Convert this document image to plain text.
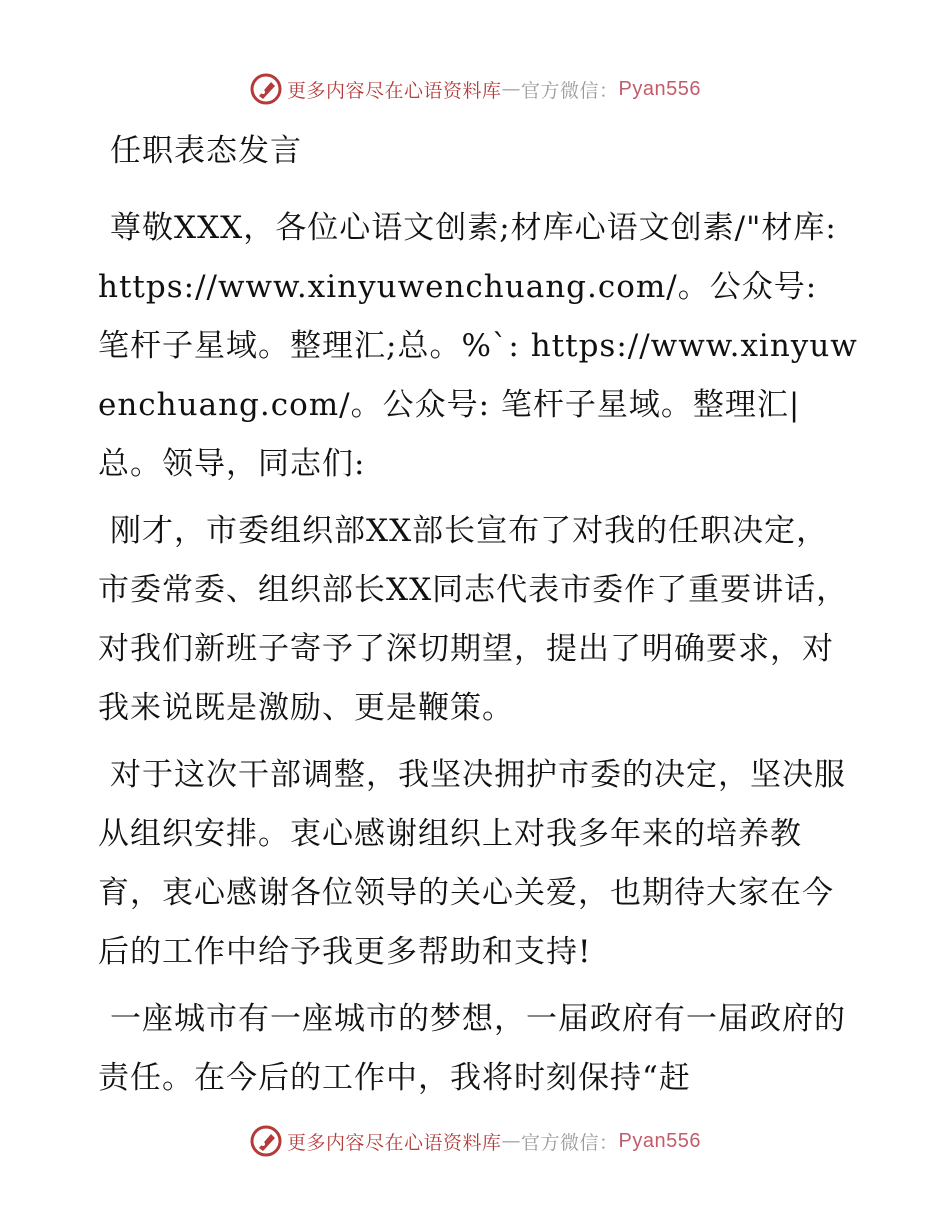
更多内容尽在心语资料库 — 官方微信： Pyan556

任职表态发言

尊敬XXX，各位心语文创素;材库心语文创素/"材库: https://www.xinyuwenchuang.com/。公众号: 笔杆子星域。整理汇;总。%`: https://www.xinyuwenchuang.com/。公众号: 笔杆子星域。整理汇|总。领导，同志们:

刚才，市委组织部XX部长宣布了对我的任职决定，市委常委、组织部长XX同志代表市委作了重要讲话，对我们新班子寄予了深切期望，提出了明确要求，对我来说既是激励、更是鞭策。

对于这次干部调整，我坚决拥护市委的决定，坚决服从组织安排。衷心感谢组织上对我多年来的培养教育，衷心感谢各位领导的关心关爱，也期待大家在今后的工作中给予我更多帮助和支持!

一座城市有一座城市的梦想，一届政府有一届政府的责任。在今后的工作中，我将时刻保持“赶

更多内容尽在心语资料库 — 官方微信： Pyan556
